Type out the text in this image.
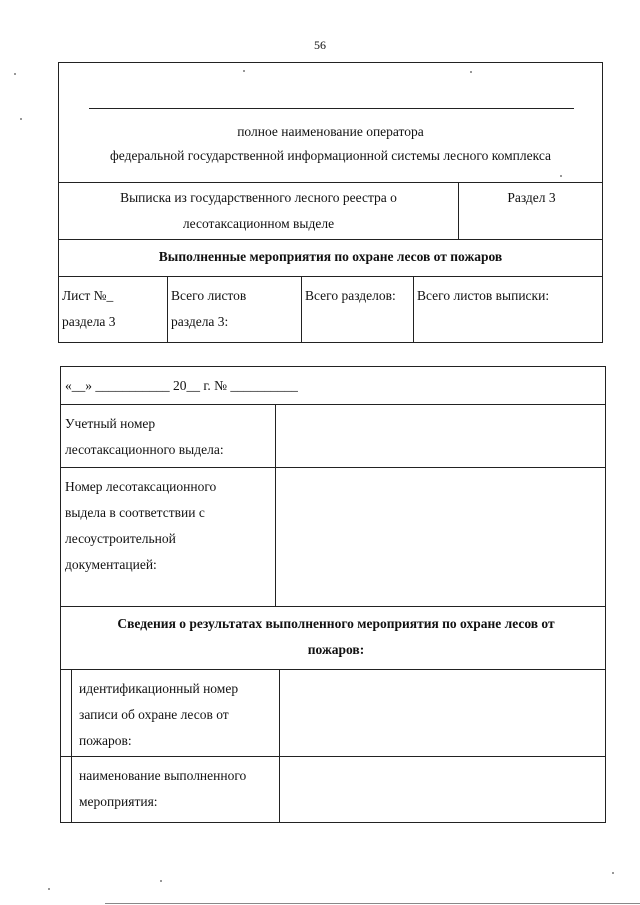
56
полное наименование оператора
федеральной государственной информационной системы лесного комплекса
Выписка из государственного лесного реестра о
лесотаксационном выделе
Раздел 3
Выполненные мероприятия по охране лесов от пожаров
Лист №_
раздела 3
Всего листов
раздела 3:
Всего разделов:	Всего листов выписки:
«__» ___________ 20__ г. № __________
Учетный номер
лесотаксационного выдела:
Номер лесотаксационного
выдела в соответствии с
лесоустроительной
документацией:
Сведения о результатах выполненного мероприятия по охране лесов от
пожаров:
идентификационный номер
записи об охране лесов от
пожаров:
наименование выполненного
мероприятия:
